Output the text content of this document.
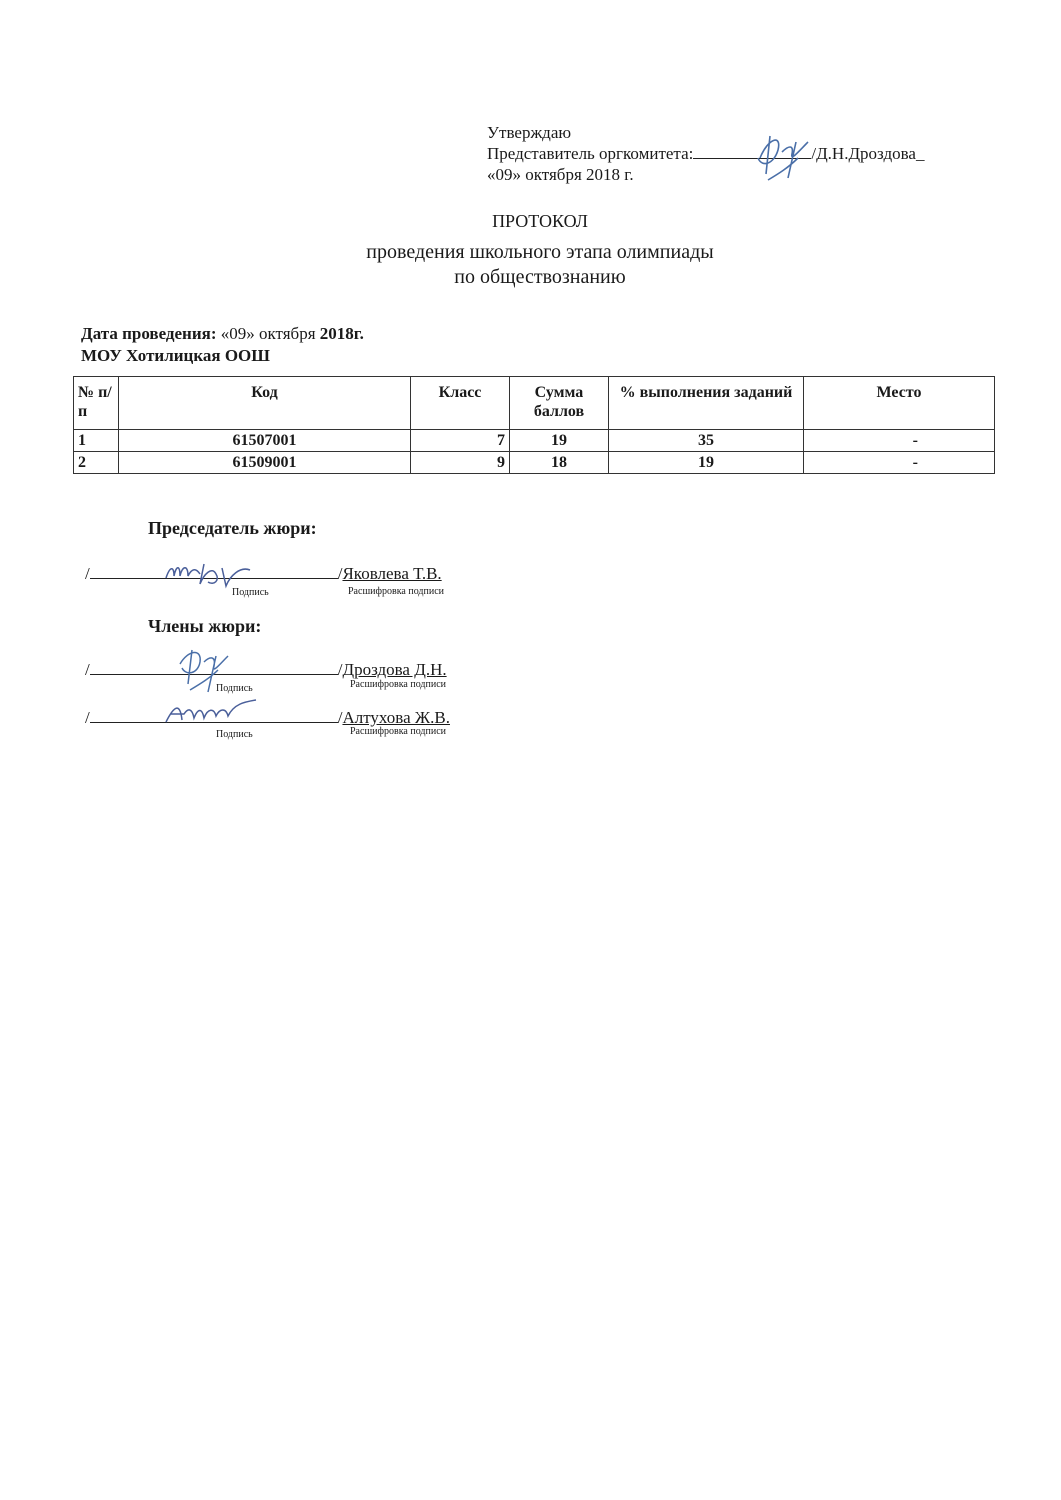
Утверждаю
Представитель оргкомитета:	/Д.Н.Дроздова_
«09» октября 2018 г.
ПРОТОКОЛ
проведения школьного этапа олимпиады
по обществознанию
Дата проведения: «09» октября 2018г.
МОУ Хотилицкая ООШ
№ п/п	Код	Класс	Сумма баллов	% выполнения заданий	Место
1	61507001	7	19	35	-
2	61509001	9	18	19	-
Председатель жюри:
/	/Яковлева Т.В.
Подпись	Расшифровка подписи
Члены жюри:
/	/Дроздова Д.Н.
Подпись	Расшифровка подписи
/	/Алтухова Ж.В.
Подпись	Расшифровка подписи
